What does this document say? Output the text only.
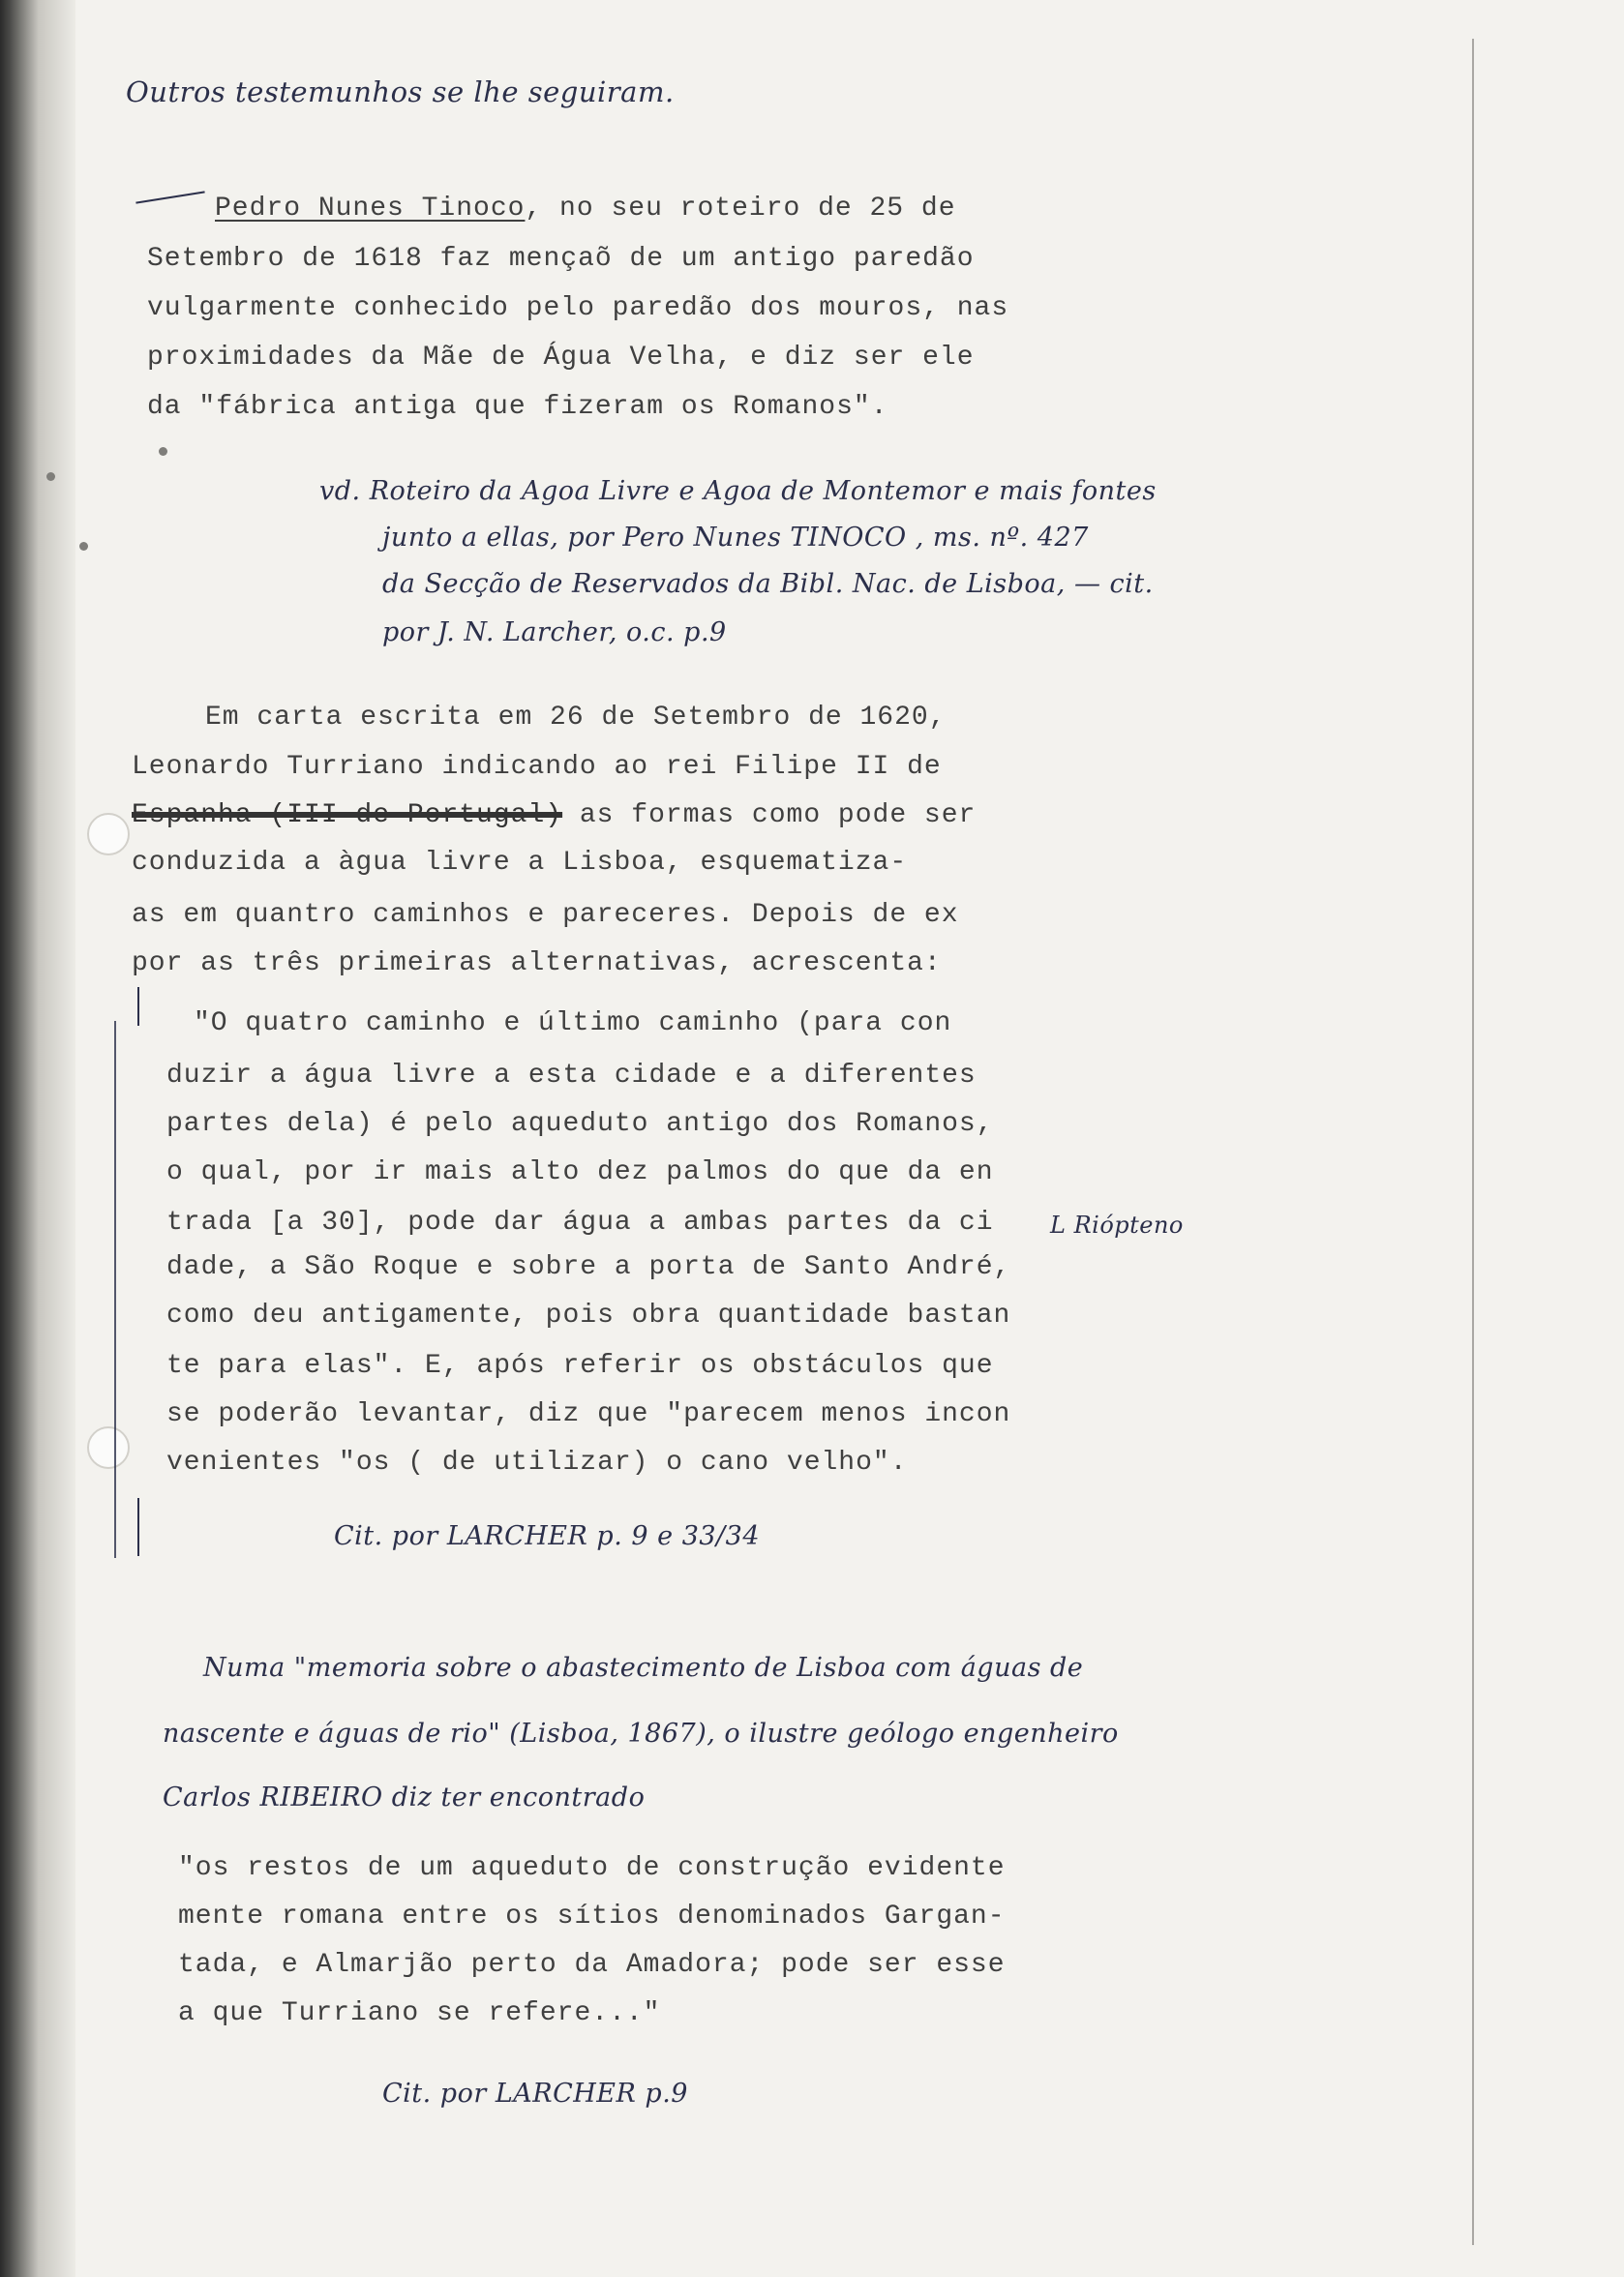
Outros testemunhos se lhe seguiram.
Pedro Nunes Tinoco, no seu roteiro de 25 de
Setembro de 1618 faz mençaõ de um antigo paredão
vulgarmente conhecido pelo paredão dos mouros, nas
proximidades da Mãe de Água Velha, e diz ser ele
da "fábrica antiga que fizeram os Romanos".
vd. Roteiro da Agoa Livre e Agoa de Montemor e mais fontes
junto a ellas, por Pero Nunes TINOCO , ms. nº. 427
da Secção de Reservados da Bibl. Nac. de Lisboa, — cit.
por J. N. Larcher, o.c. p.9
Em carta escrita em 26 de Setembro de 1620,
Leonardo Turriano indicando ao rei Filipe II de
Espanha (III de Portugal) as formas como pode ser
conduzida a àgua livre a Lisboa, esquematiza-
as em quantro caminhos e pareceres. Depois de ex
por as três primeiras alternativas, acrescenta:
"O quatro caminho e último caminho (para con
duzir a água livre a esta cidade e a diferentes
partes dela) é pelo aqueduto antigo dos Romanos,
o qual, por ir mais alto dez palmos do que da en
trada [a 30], pode dar água a ambas partes da ci
dade, a São Roque e sobre a porta de Santo André,
como deu antigamente, pois obra quantidade bastan
te para elas". E, após referir os obstáculos que
se poderão levantar, diz que "parecem menos incon
venientes "os ( de utilizar) o cano velho".
L Riópteno
Cit. por LARCHER p. 9 e 33/34
Numa "memoria sobre o abastecimento de Lisboa com águas de
nascente e águas de rio" (Lisboa, 1867), o ilustre geólogo engenheiro
Carlos RIBEIRO diz ter encontrado
"os restos de um aqueduto de construção evidente
mente romana entre os sítios denominados Gargan-
tada, e Almarjão perto da Amadora; pode ser esse
a que Turriano se refere..."
Cit. por LARCHER p.9
